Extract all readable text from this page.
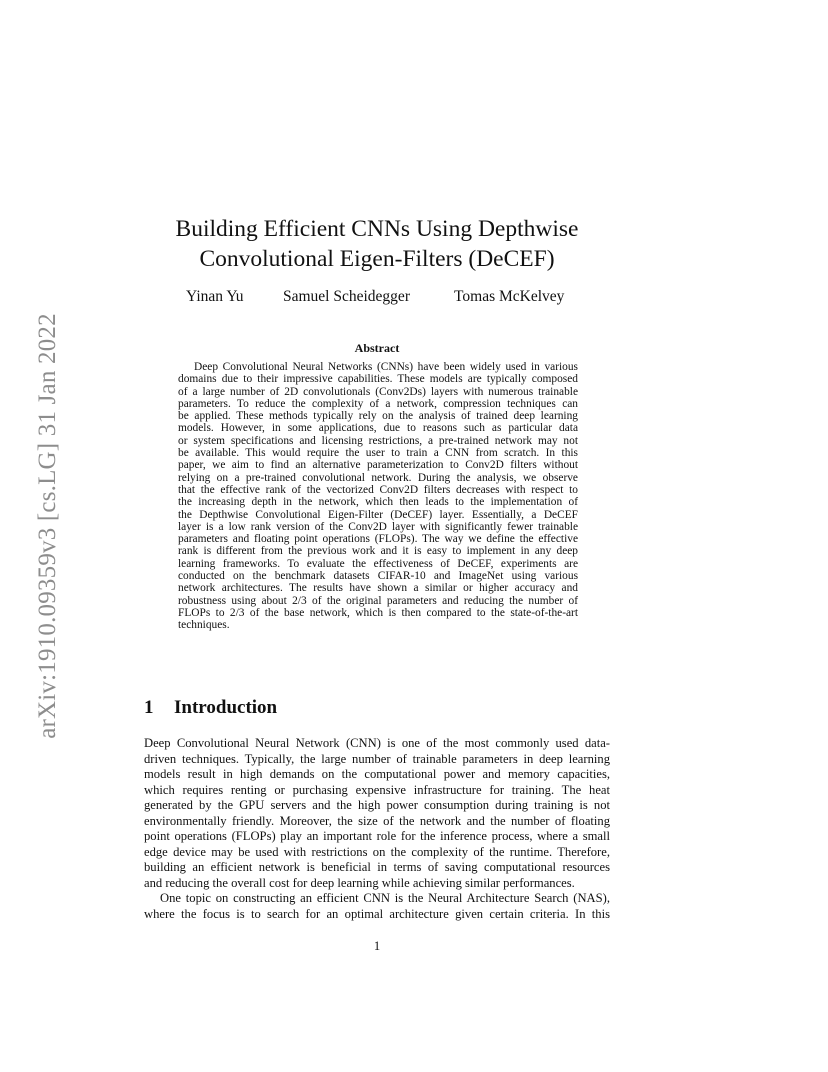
arXiv:1910.09359v3 [cs.LG] 31 Jan 2022
Building Efficient CNNs Using Depthwise
Convolutional Eigen-Filters (DeCEF)
Yinan Yu	Samuel Scheidegger	Tomas McKelvey
Abstract
Deep Convolutional Neural Networks (CNNs) have been widely used in various
domains due to their impressive capabilities. These models are typically composed
of a large number of 2D convolutionals (Conv2Ds) layers with numerous trainable
parameters. To reduce the complexity of a network, compression techniques can
be applied. These methods typically rely on the analysis of trained deep learning
models. However, in some applications, due to reasons such as particular data
or system specifications and licensing restrictions, a pre-trained network may not
be available. This would require the user to train a CNN from scratch. In this
paper, we aim to find an alternative parameterization to Conv2D filters without
relying on a pre-trained convolutional network. During the analysis, we observe
that the effective rank of the vectorized Conv2D filters decreases with respect to
the increasing depth in the network, which then leads to the implementation of
the Depthwise Convolutional Eigen-Filter (DeCEF) layer. Essentially, a DeCEF
layer is a low rank version of the Conv2D layer with significantly fewer trainable
parameters and floating point operations (FLOPs). The way we define the effective
rank is different from the previous work and it is easy to implement in any deep
learning frameworks. To evaluate the effectiveness of DeCEF, experiments are
conducted on the benchmark datasets CIFAR-10 and ImageNet using various
network architectures. The results have shown a similar or higher accuracy and
robustness using about 2/3 of the original parameters and reducing the number of
FLOPs to 2/3 of the base network, which is then compared to the state-of-the-art
techniques.
1 Introduction
Deep Convolutional Neural Network (CNN) is one of the most commonly used data-
driven techniques. Typically, the large number of trainable parameters in deep learning
models result in high demands on the computational power and memory capacities,
which requires renting or purchasing expensive infrastructure for training. The heat
generated by the GPU servers and the high power consumption during training is not
environmentally friendly. Moreover, the size of the network and the number of floating
point operations (FLOPs) play an important role for the inference process, where a small
edge device may be used with restrictions on the complexity of the runtime. Therefore,
building an efficient network is beneficial in terms of saving computational resources
and reducing the overall cost for deep learning while achieving similar performances.
One topic on constructing an efficient CNN is the Neural Architecture Search (NAS),
where the focus is to search for an optimal architecture given certain criteria. In this
1
